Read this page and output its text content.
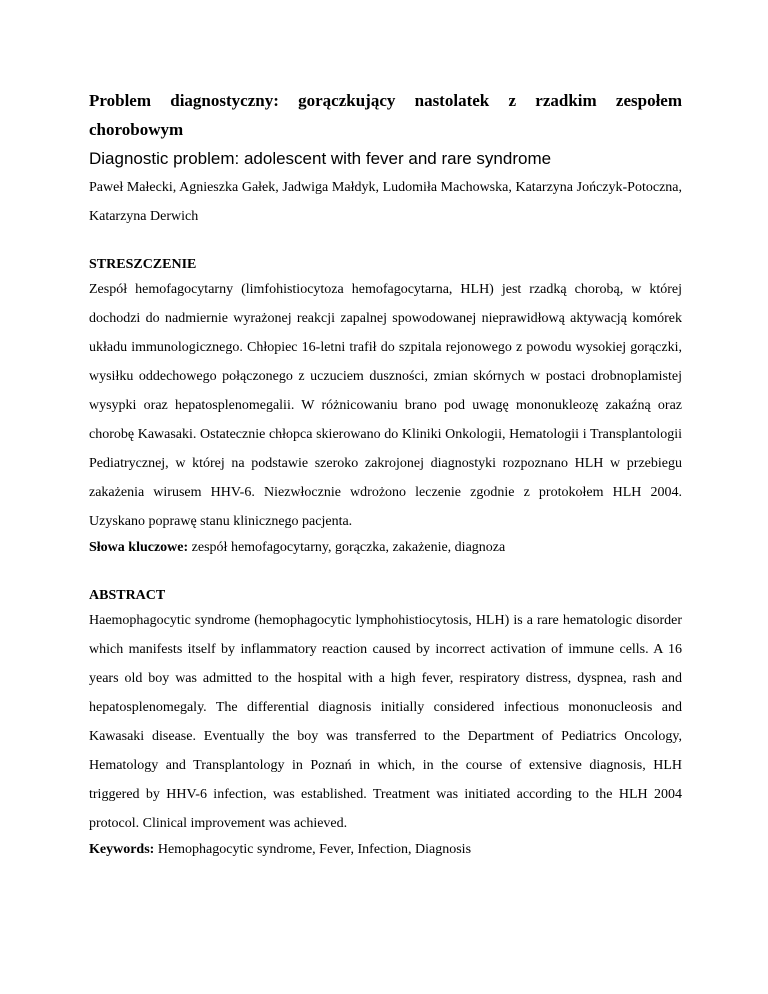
Problem diagnostyczny: gorączkujący nastolatek z rzadkim zespołem chorobowym
Diagnostic problem: adolescent with fever and rare syndrome

Paweł Małecki, Agnieszka Gałek, Jadwiga Małdyk, Ludomiła Machowska, Katarzyna Jończyk-Potoczna, Katarzyna Derwich

STRESZCZENIE

Zespół hemofagocytarny (limfohistiocytoza hemofagocytarna, HLH) jest rzadką chorobą, w której dochodzi do nadmiernie wyrażonej reakcji zapalnej spowodowanej nieprawidłową aktywacją komórek układu immunologicznego. Chłopiec 16-letni trafił do szpitala rejonowego z powodu wysokiej gorączki, wysiłku oddechowego połączonego z uczuciem duszności, zmian skórnych w postaci drobnoplamistej wysypki oraz hepatosplenomegalii. W różnicowaniu brano pod uwagę mononukleozę zakaźną oraz chorobę Kawasaki. Ostatecznie chłopca skierowano do Kliniki Onkologii, Hematologii i Transplantologii Pediatrycznej, w której na podstawie szeroko zakrojonej diagnostyki rozpoznano HLH w przebiegu zakażenia wirusem HHV-6. Niezwłocznie wdrożono leczenie zgodnie z protokołem HLH 2004. Uzyskano poprawę stanu klinicznego pacjenta.

Słowa kluczowe: zespół hemofagocytarny, gorączka, zakażenie, diagnoza

ABSTRACT

Haemophagocytic syndrome (hemophagocytic lymphohistiocytosis, HLH) is a rare hematologic disorder which manifests itself by inflammatory reaction caused by incorrect activation of immune cells. A 16 years old boy was admitted to the hospital with a high fever, respiratory distress, dyspnea, rash and hepatosplenomegaly. The differential diagnosis initially considered infectious mononucleosis and Kawasaki disease. Eventually the boy was transferred to the Department of Pediatrics Oncology, Hematology and Transplantology in Poznań in which, in the course of extensive diagnosis, HLH triggered by HHV-6 infection, was established. Treatment was initiated according to the HLH 2004 protocol. Clinical improvement was achieved.

Keywords: Hemophagocytic syndrome, Fever, Infection, Diagnosis
